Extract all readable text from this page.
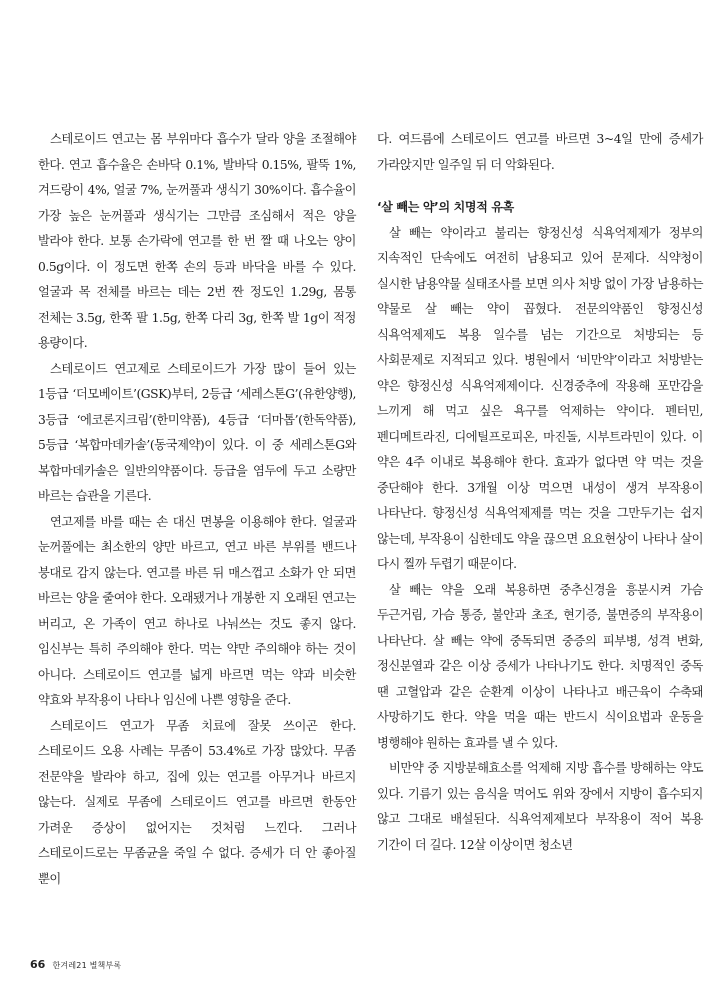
스테로이드 연고는 몸 부위마다 흡수가 달라 양을 조절해야 한다. 연고 흡수율은 손바닥 0.1%, 발바닥 0.15%, 팔뚝 1%, 겨드랑이 4%, 얼굴 7%, 눈꺼풀과 생식기 30%이다. 흡수율이 가장 높은 눈꺼풀과 생식기는 그만큼 조심해서 적은 양을 발라야 한다. 보통 손가락에 연고를 한 번 짤 때 나오는 양이 0.5g이다. 이 정도면 한쪽 손의 등과 바닥을 바를 수 있다. 얼굴과 목 전체를 바르는 데는 2번 짠 정도인 1.29g, 몸통 전체는 3.5g, 한쪽 팔 1.5g, 한쪽 다리 3g, 한쪽 발 1g이 적정 용량이다.

스테로이드 연고제로 스테로이드가 가장 많이 들어 있는 1등급 ‘더모베이트’(GSK)부터, 2등급 ‘세레스톤G’(유한양행), 3등급 ‘에코론지크림’(한미약품), 4등급 ‘더마톱’(한독약품), 5등급 ‘복합마데카솔’(동국제약)이 있다. 이 중 세레스톤G와 복합마데카솔은 일반의약품이다. 등급을 염두에 두고 소량만 바르는 습관을 기른다.

연고제를 바를 때는 손 대신 면봉을 이용해야 한다. 얼굴과 눈꺼풀에는 최소한의 양만 바르고, 연고 바른 부위를 밴드나 붕대로 감지 않는다. 연고를 바른 뒤 매스껍고 소화가 안 되면 바르는 양을 줄여야 한다. 오래됐거나 개봉한 지 오래된 연고는 버리고, 온 가족이 연고 하나로 나눠쓰는 것도 좋지 않다. 임신부는 특히 주의해야 한다. 먹는 약만 주의해야 하는 것이 아니다. 스테로이드 연고를 넓게 바르면 먹는 약과 비슷한 약효와 부작용이 나타나 임신에 나쁜 영향을 준다.

스테로이드 연고가 무좀 치료에 잘못 쓰이곤 한다. 스테로이드 오용 사례는 무좀이 53.4%로 가장 많았다. 무좀 전문약을 발라야 하고, 집에 있는 연고를 아무거나 바르지 않는다. 실제로 무좀에 스테로이드 연고를 바르면 한동안 가려운 증상이 없어지는 것처럼 느낀다. 그러나 스테로이드로는 무좀균을 죽일 수 없다. 증세가 더 안 좋아질 뿐이

다. 여드름에 스테로이드 연고를 바르면 3~4일 만에 증세가 가라앉지만 일주일 뒤 더 악화된다.

‘살 빼는 약’의 치명적 유혹

살 빼는 약이라고 불리는 향정신성 식욕억제제가 정부의 지속적인 단속에도 여전히 남용되고 있어 문제다. 식약청이 실시한 남용약물 실태조사를 보면 의사 처방 없이 가장 남용하는 약물로 살 빼는 약이 꼽혔다. 전문의약품인 향정신성 식욕억제제도 복용 일수를 넘는 기간으로 처방되는 등 사회문제로 지적되고 있다. 병원에서 ‘비만약’이라고 처방받는 약은 향정신성 식욕억제제이다. 신경중추에 작용해 포만감을 느끼게 해 먹고 싶은 욕구를 억제하는 약이다. 펜터민, 펜디메트라진, 디에틸프로피온, 마진돌, 시부트라민이 있다. 이 약은 4주 이내로 복용해야 한다. 효과가 없다면 약 먹는 것을 중단해야 한다. 3개월 이상 먹으면 내성이 생겨 부작용이 나타난다. 향정신성 식욕억제제를 먹는 것을 그만두기는 쉽지 않는데, 부작용이 심한데도 약을 끊으면 요요현상이 나타나 살이 다시 찔까 두렵기 때문이다.

살 빼는 약을 오래 복용하면 중추신경을 흥분시켜 가슴 두근거림, 가슴 통증, 불안과 초조, 현기증, 불면증의 부작용이 나타난다. 살 빼는 약에 중독되면 중증의 피부병, 성격 변화, 정신분열과 같은 이상 증세가 나타나기도 한다. 치명적인 중독 땐 고혈압과 같은 순환계 이상이 나타나고 배근육이 수축돼 사망하기도 한다. 약을 먹을 때는 반드시 식이요법과 운동을 병행해야 원하는 효과를 낼 수 있다.

비만약 중 지방분해효소를 억제해 지방 흡수를 방해하는 약도 있다. 기름기 있는 음식을 먹어도 위와 장에서 지방이 흡수되지 않고 그대로 배설된다. 식욕억제제보다 부작용이 적어 복용 기간이 더 길다. 12살 이상이면 청소년

66 한겨레21 별책부록
